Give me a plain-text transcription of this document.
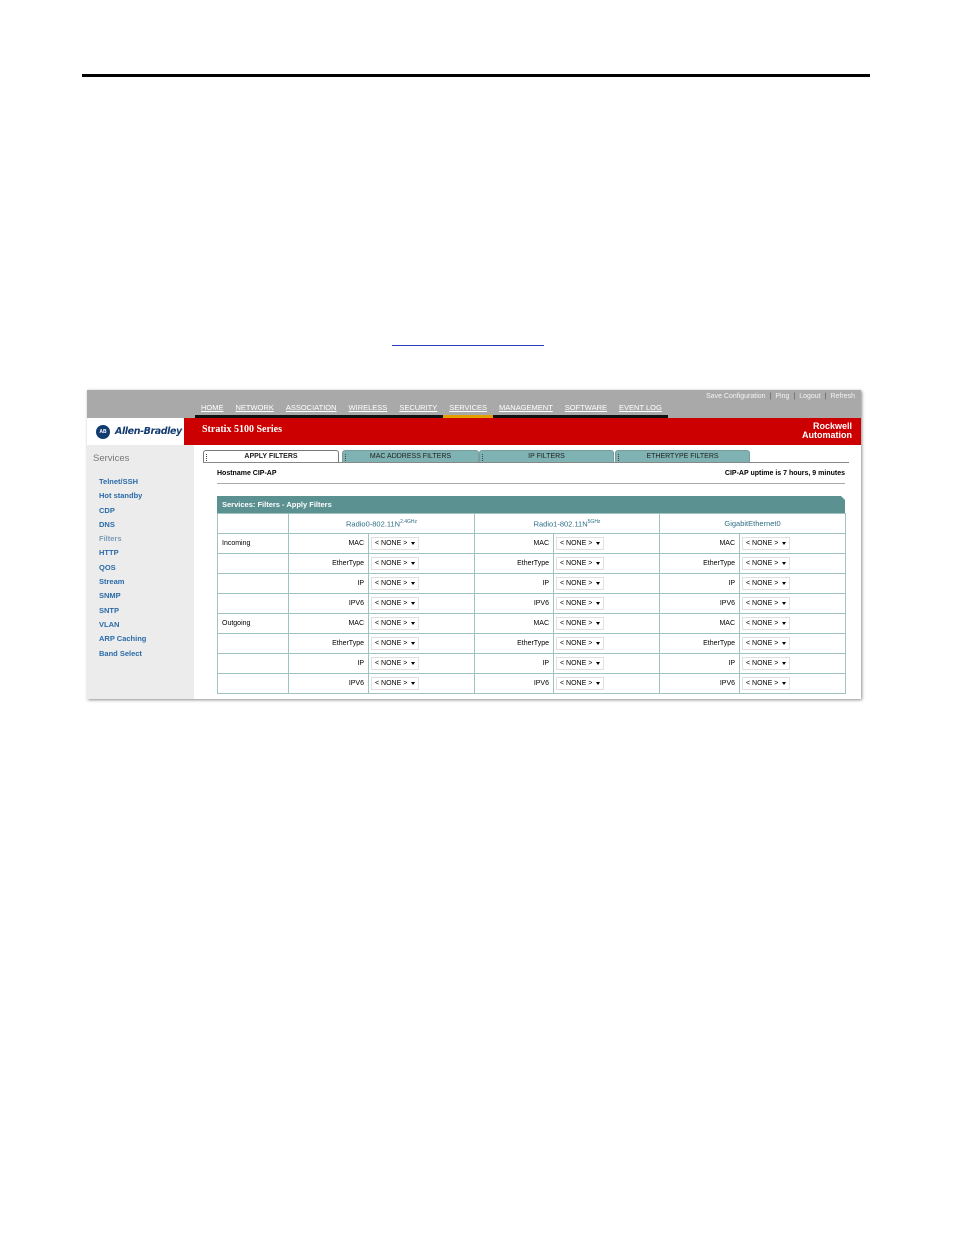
Save Configuration | Ping | Logout | Refresh
HOME	NETWORK	ASSOCIATION	WIRELESS	SECURITY	SERVICES	MANAGEMENT	SOFTWARE	EVENT LOG
AB Allen-Bradley Stratix 5100 Series	Rockwell
Automation
Services
Telnet/SSH
Hot standby
CDP
DNS
Filters
HTTP
QOS
Stream
SNMP
SNTP
VLAN
ARP Caching
Band Select
APPLY FILTERS	MAC ADDRESS FILTERS	IP FILTERS	ETHERTYPE FILTERS
Hostname CIP-AP	CIP-AP uptime is 7 hours, 9 minutes
Services: Filters - Apply Filters
	$Radio0-802.11N^{2.4GHz}$		$Radio1-802.11N^{5GHz}$		GigabitEthernet0	
Incoming	MAC	< NONE >	MAC	< NONE >	MAC	< NONE >

	EtherType	< NONE >	EtherType	< NONE >	EtherType	< NONE >

	IP	< NONE >	IP	< NONE >	IP	< NONE >

	IPV6	< NONE >	IPV6	< NONE >	IPV6	< NONE >

Outgoing	MAC	< NONE >	MAC	< NONE >	MAC	< NONE >

	EtherType	< NONE >	EtherType	< NONE >	EtherType	< NONE >

	IP	< NONE >	IP	< NONE >	IP	< NONE >

	IPV6	< NONE >	IPV6	< NONE >	IPV6	< NONE >
